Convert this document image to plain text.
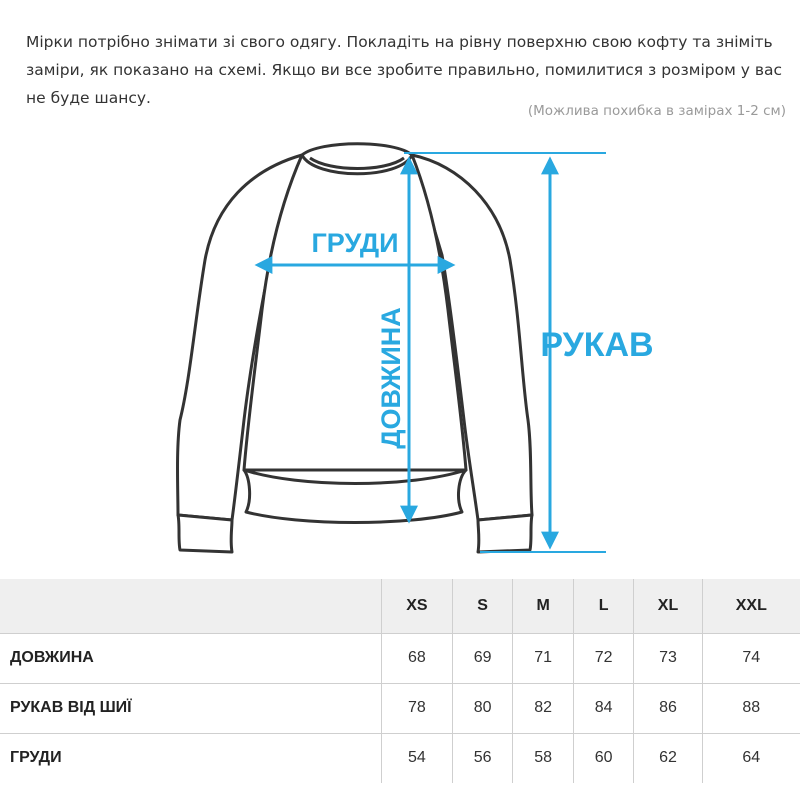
Мірки потрібно знімати зі свого одягу. Покладіть на рівну поверхню свою кофту та зніміть заміри, як показано на схемі. Якщо ви все зробите правильно, помилитися з розміром у вас не буде шансу.

(Можлива похибка в замірах 1-2 см)
ГРУДИ
ДОВЖИНА	РУКАВ
	XS	S	M	L	XL	XXL
ДОВЖИНА	68	69	71	72	73	74
РУКАВ ВІД ШИЇ	78	80	82	84	86	88
ГРУДИ	54	56	58	60	62	64
